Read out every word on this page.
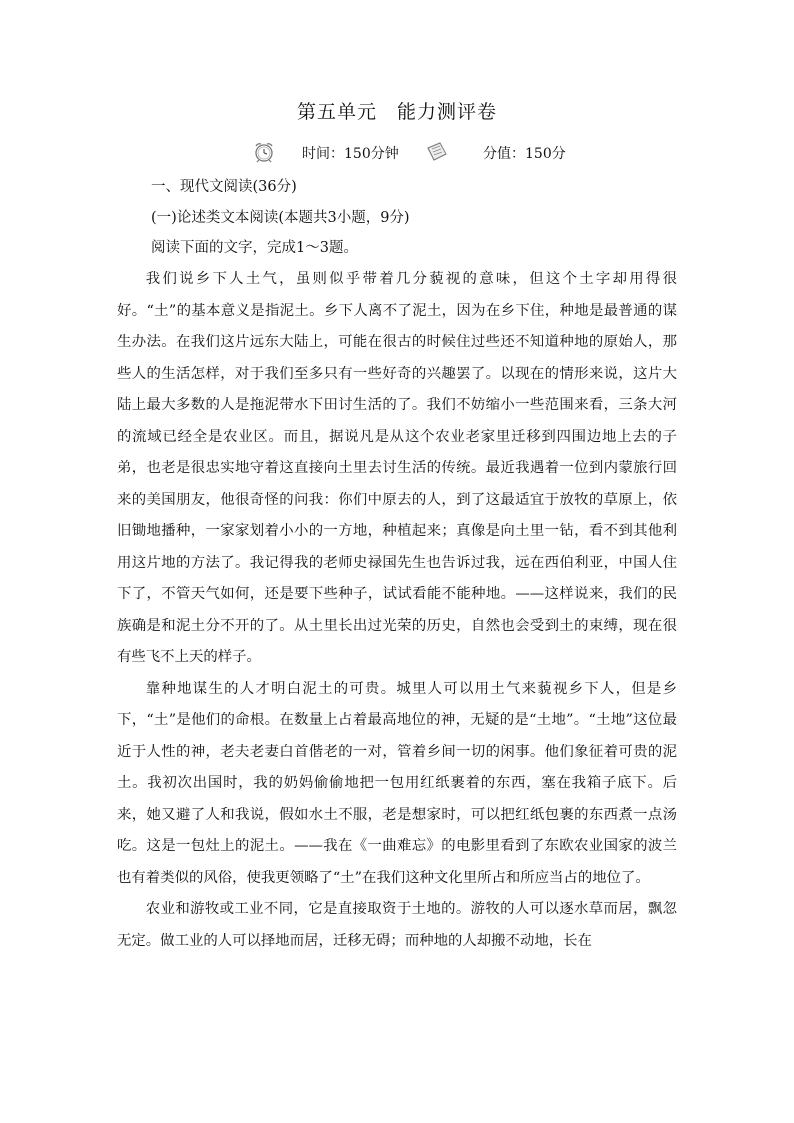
第五单元　能力测评卷
时间：150分钟	分值：150分
一、现代文阅读(36分)
(一)论述类文本阅读(本题共3小题，9分)
阅读下面的文字，完成1～3题。

我们说乡下人土气，虽则似乎带着几分藐视的意味，但这个土字却用得很好。“土”的基本意义是指泥土。乡下人离不了泥土，因为在乡下住，种地是最普通的谋生办法。在我们这片远东大陆上，可能在很古的时候住过些还不知道种地的原始人，那些人的生活怎样，对于我们至多只有一些好奇的兴趣罢了。以现在的情形来说，这片大陆上最大多数的人是拖泥带水下田讨生活的了。我们不妨缩小一些范围来看，三条大河的流域已经全是农业区。而且，据说凡是从这个农业老家里迁移到四围边地上去的子弟，也老是很忠实地守着这直接向土里去讨生活的传统。最近我遇着一位到内蒙旅行回来的美国朋友，他很奇怪的问我：你们中原去的人，到了这最适宜于放牧的草原上，依旧锄地播种，一家家划着小小的一方地，种植起来；真像是向土里一钻，看不到其他利用这片地的方法了。我记得我的老师史禄国先生也告诉过我，远在西伯利亚，中国人住下了，不管天气如何，还是要下些种子，试试看能不能种地。——这样说来，我们的民族确是和泥土分不开的了。从土里长出过光荣的历史，自然也会受到土的束缚，现在很有些飞不上天的样子。

靠种地谋生的人才明白泥土的可贵。城里人可以用土气来藐视乡下人，但是乡下，“土”是他们的命根。在数量上占着最高地位的神，无疑的是“土地”。“土地”这位最近于人性的神，老夫老妻白首偕老的一对，管着乡间一切的闲事。他们象征着可贵的泥土。我初次出国时，我的奶妈偷偷地把一包用红纸裹着的东西，塞在我箱子底下。后来，她又避了人和我说，假如水土不服，老是想家时，可以把红纸包裹的东西煮一点汤吃。这是一包灶上的泥土。——我在《一曲难忘》的电影里看到了东欧农业国家的波兰也有着类似的风俗，使我更领略了“土”在我们这种文化里所占和所应当占的地位了。

农业和游牧或工业不同，它是直接取资于土地的。游牧的人可以逐水草而居，飘忽无定。做工业的人可以择地而居，迁移无碍；而种地的人却搬不动地，长在
